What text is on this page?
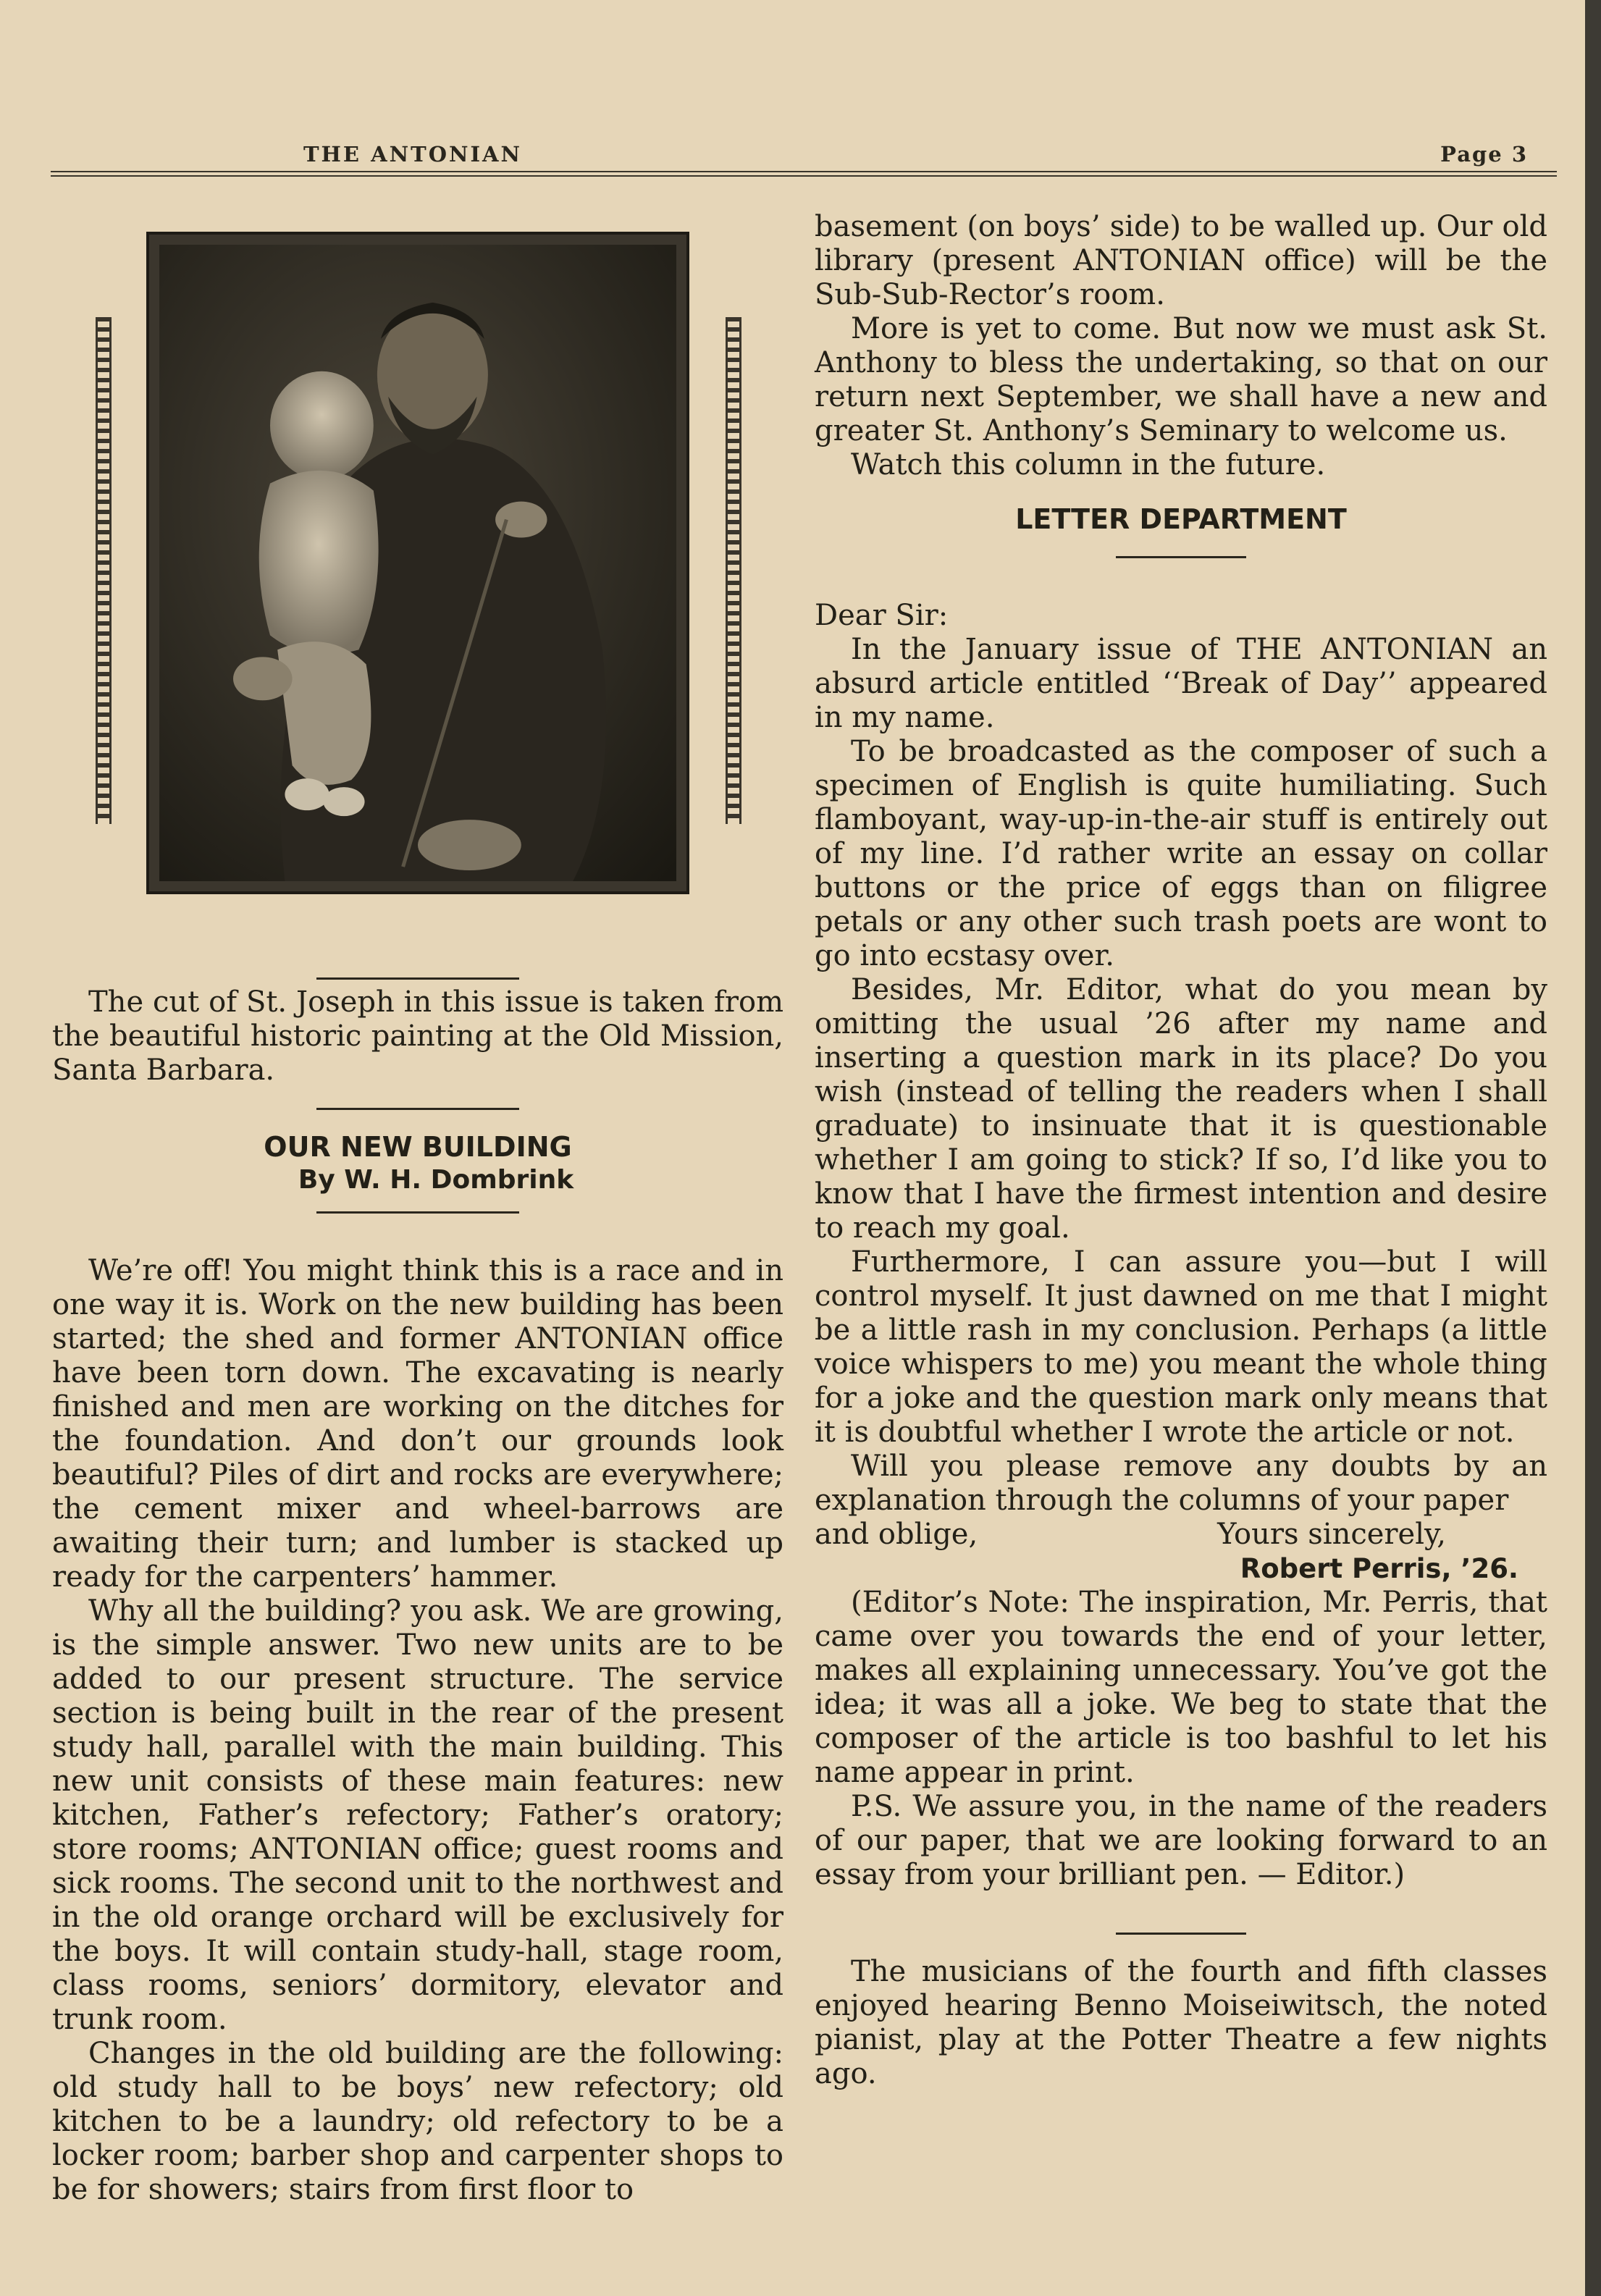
THE ANTONIAN	Page 3

The cut of St. Joseph in this issue is taken from the beautiful historic painting at the Old Mission, Santa Barbara.

OUR NEW BUILDING

By W. H. Dombrink

We’re off! You might think this is a race and in one way it is. Work on the new building has been started; the shed and former ANTONIAN office have been torn down. The excavating is nearly finished and men are working on the ditches for the foundation. And don’t our grounds look beautiful? Piles of dirt and rocks are everywhere; the cement mixer and wheel-barrows are awaiting their turn; and lumber is stacked up ready for the carpenters’ hammer.

Why all the building? you ask. We are growing, is the simple answer. Two new units are to be added to our present structure. The service section is being built in the rear of the present study hall, parallel with the main building. This new unit consists of these main features: new kitchen, Father’s refectory; Father’s oratory; store rooms; ANTONIAN office; guest rooms and sick rooms. The second unit to the northwest and in the old orange orchard will be exclusively for the boys. It will contain study-hall, stage room, class rooms, seniors’ dormitory, elevator and trunk room.

Changes in the old building are the following: old study hall to be boys’ new refectory; old kitchen to be a laundry; old refectory to be a locker room; barber shop and carpenter shops to be for showers; stairs from first floor to

basement (on boys’ side) to be walled up. Our old library (present ANTONIAN office) will be the Sub-Sub-Rector’s room.

More is yet to come. But now we must ask St. Anthony to bless the undertaking, so that on our return next September, we shall have a new and greater St. Anthony’s Seminary to welcome us.

Watch this column in the future.

LETTER DEPARTMENT

Dear Sir:

In the January issue of THE ANTONIAN an absurd article entitled ‘‘Break of Day’’ appeared in my name.

To be broadcasted as the composer of such a specimen of English is quite humiliating. Such flamboyant, way-up-in-the-air stuff is entirely out of my line. I’d rather write an essay on collar buttons or the price of eggs than on filigree petals or any other such trash poets are wont to go into ecstasy over.

Besides, Mr. Editor, what do you mean by omitting the usual ’26 after my name and inserting a question mark in its place? Do you wish (instead of telling the readers when I shall graduate) to insinuate that it is questionable whether I am going to stick? If so, I’d like you to know that I have the firmest intention and desire to reach my goal.

Furthermore, I can assure you—but I will control myself. It just dawned on me that I might be a little rash in my conclusion. Perhaps (a little voice whispers to me) you meant the whole thing for a joke and the question mark only means that it is doubtful whether I wrote the article or not.

Will you please remove any doubts by an explanation through the columns of your paper

and oblige,	Yours sincerely,
Robert Perris, ’26.

(Editor’s Note: The inspiration, Mr. Perris, that came over you towards the end of your letter, makes all explaining unnecessary. You’ve got the idea; it was all a joke. We beg to state that the composer of the article is too bashful to let his name appear in print.

P.S. We assure you, in the name of the readers of our paper, that we are looking forward to an essay from your brilliant pen. — Editor.)

The musicians of the fourth and fifth classes enjoyed hearing Benno Moiseiwitsch, the noted pianist, play at the Potter Theatre a few nights ago.
